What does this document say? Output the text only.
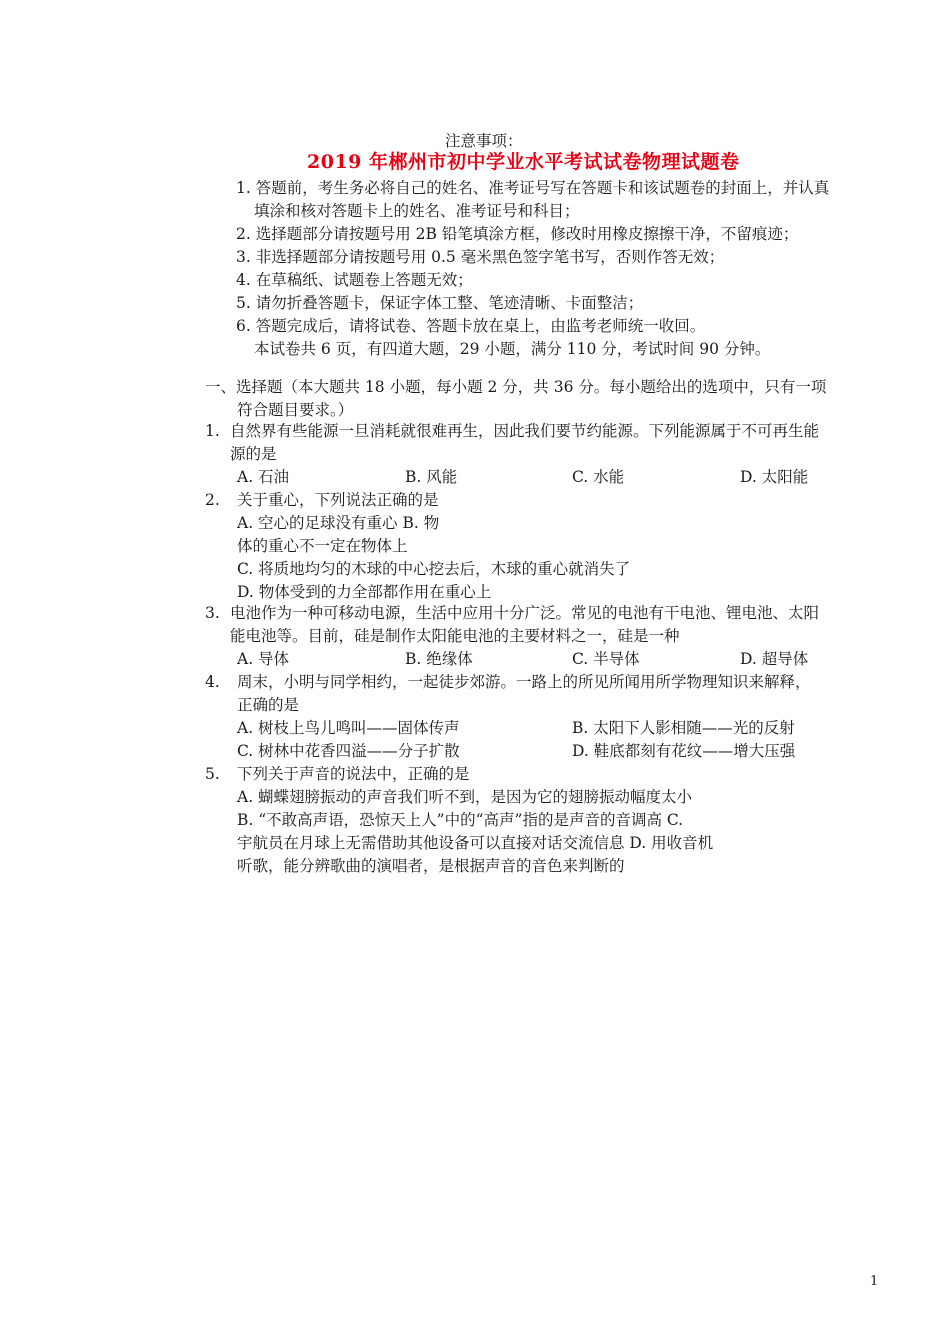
注意事项：
2019 年郴州市初中学业水平考试试卷物理试题卷
1. 答题前，考生务必将自己的姓名、准考证号写在答题卡和该试题卷的封面上，并认真
填涂和核对答题卡上的姓名、准考证号和科目；
2. 选择题部分请按题号用 2B 铅笔填涂方框，修改时用橡皮擦擦干净，不留痕迹；
3. 非选择题部分请按题号用 0.5 毫米黑色签字笔书写，否则作答无效；
4. 在草稿纸、试题卷上答题无效；
5. 请勿折叠答题卡，保证字体工整、笔迹清晰、卡面整洁；
6. 答题完成后，请将试卷、答题卡放在桌上，由监考老师统一收回。
本试卷共 6 页，有四道大题，29 小题，满分 110 分，考试时间 90 分钟。
一、选择题（本大题共 18 小题，每小题 2 分，共 36 分。每小题给出的选项中，只有一项
符合题目要求。）
1. 自然界有些能源一旦消耗就很难再生，因此我们要节约能源。下列能源属于不可再生能
源的是
A. 石油	B. 风能	C. 水能	D. 太阳能
2. 关于重心，下列说法正确的是
A. 空心的足球没有重心 B. 物
体的重心不一定在物体上
C. 将质地均匀的木球的中心挖去后，木球的重心就消失了
D. 物体受到的力全部都作用在重心上
3. 电池作为一种可移动电源，生活中应用十分广泛。常见的电池有干电池、锂电池、太阳
能电池等。目前，硅是制作太阳能电池的主要材料之一，硅是一种
A. 导体	B. 绝缘体	C. 半导体	D. 超导体
4. 周末，小明与同学相约，一起徒步郊游。一路上的所见所闻用所学物理知识来解释，
正确的是
A. 树枝上鸟儿鸣叫——固体传声	B. 太阳下人影相随——光的反射
C. 树林中花香四溢——分子扩散	D. 鞋底都刻有花纹——增大压强
5. 下列关于声音的说法中，正确的是
A. 蝴蝶翅膀振动的声音我们听不到，是因为它的翅膀振动幅度太小
B. “不敢高声语，恐惊天上人”中的“高声”指的是声音的音调高 C.
宇航员在月球上无需借助其他设备可以直接对话交流信息 D. 用收音机
听歌，能分辨歌曲的演唱者，是根据声音的音色来判断的
1
